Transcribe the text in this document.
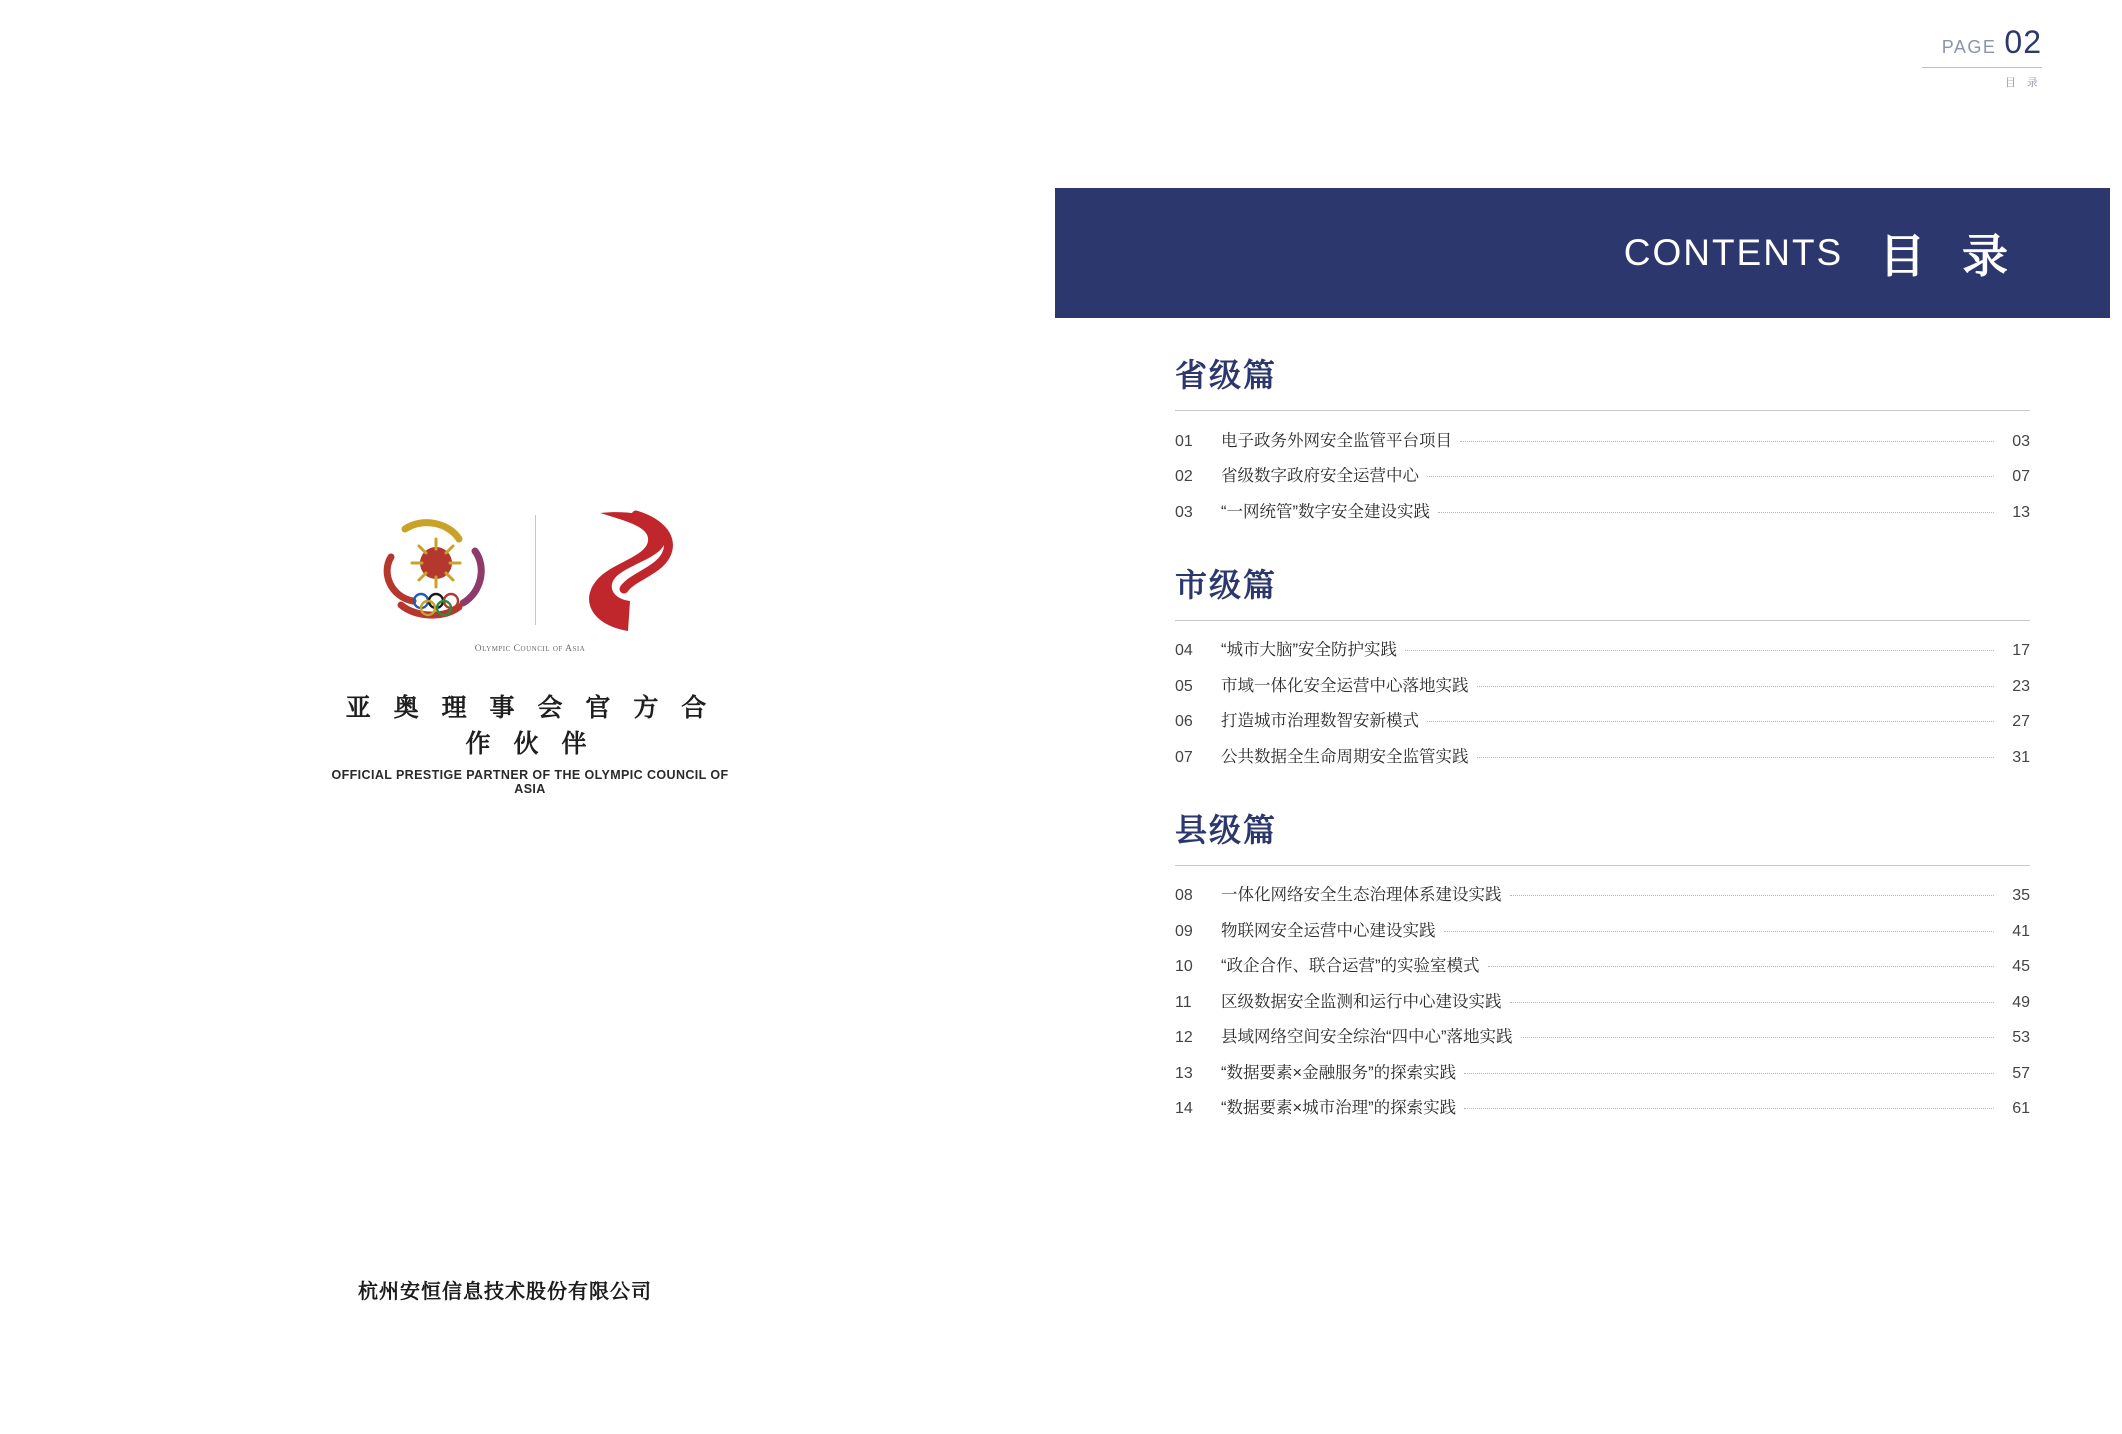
PAGE 02
目 录
Olympic Council of Asia
亚 奥 理 事 会 官 方 合 作 伙 伴
OFFICIAL PRESTIGE PARTNER OF THE OLYMPIC COUNCIL OF ASIA
杭州安恒信息技术股份有限公司
CONTENTS 目 录
省级篇
01	电子政务外网安全监管平台项目	03
02	省级数字政府安全运营中心	07
03	“一网统管”数字安全建设实践	13
市级篇
04	“城市大脑”安全防护实践	17
05	市域一体化安全运营中心落地实践	23
06	打造城市治理数智安新模式	27
07	公共数据全生命周期安全监管实践	31
县级篇
08	一体化网络安全生态治理体系建设实践	35
09	物联网安全运营中心建设实践	41
10	“政企合作、联合运营”的实验室模式	45
11	区级数据安全监测和运行中心建设实践	49
12	县域网络空间安全综治“四中心”落地实践	53
13	“数据要素×金融服务”的探索实践	57
14	“数据要素×城市治理”的探索实践	61
